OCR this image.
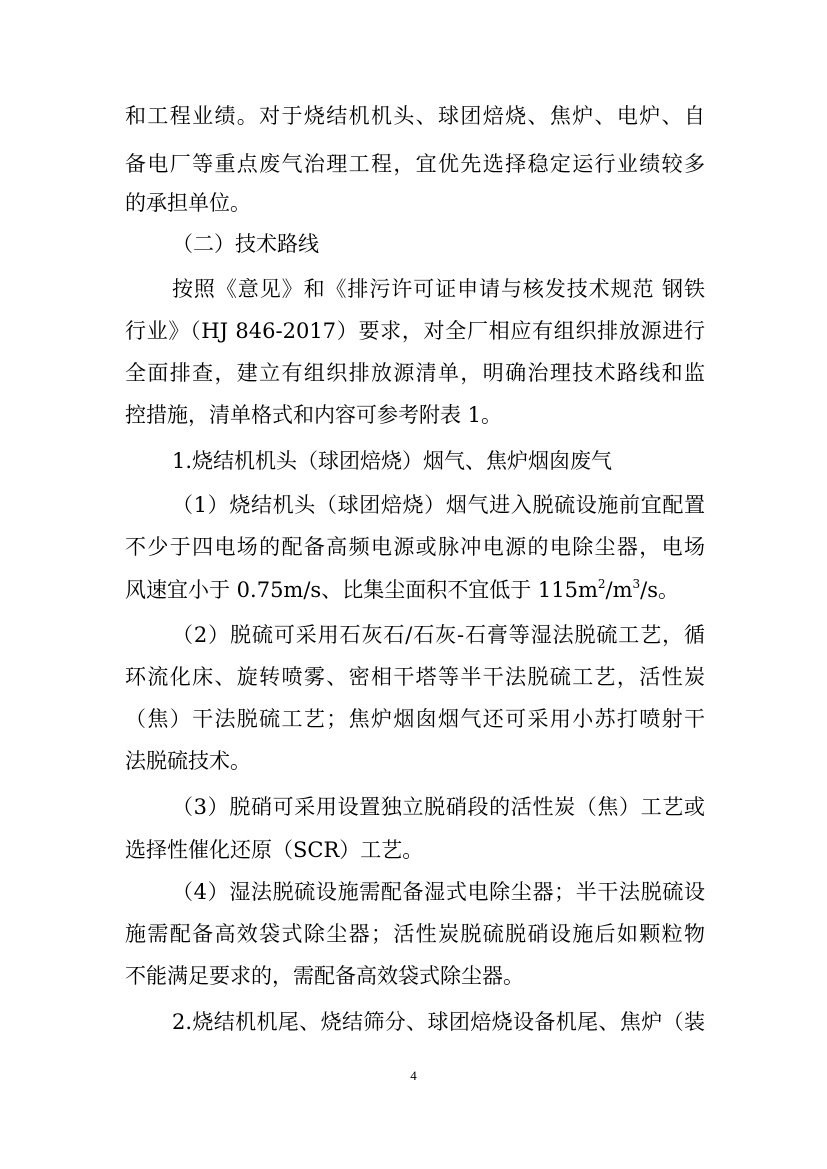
和工程业绩。对于烧结机机头、球团焙烧、焦炉、电炉、自
备电厂等重点废气治理工程，宜优先选择稳定运行业绩较多
的承担单位。
（二）技术路线
按照《意见》和《排污许可证申请与核发技术规范 钢铁
行业》（HJ 846-2017）要求，对全厂相应有组织排放源进行
全面排查，建立有组织排放源清单，明确治理技术路线和监
控措施，清单格式和内容可参考附表 1。
1.烧结机机头（球团焙烧）烟气、焦炉烟囱废气
（1）烧结机头（球团焙烧）烟气进入脱硫设施前宜配置
不少于四电场的配备高频电源或脉冲电源的电除尘器，电场
风速宜小于 0.75m/s、比集尘面积不宜低于 $115m^2/m^3/s$。
（2）脱硫可采用石灰石/石灰-石膏等湿法脱硫工艺，循
环流化床、旋转喷雾、密相干塔等半干法脱硫工艺，活性炭
（焦）干法脱硫工艺；焦炉烟囱烟气还可采用小苏打喷射干
法脱硫技术。
（3）脱硝可采用设置独立脱硝段的活性炭（焦）工艺或
选择性催化还原（SCR）工艺。
（4）湿法脱硫设施需配备湿式电除尘器；半干法脱硫设
施需配备高效袋式除尘器；活性炭脱硫脱硝设施后如颗粒物
不能满足要求的，需配备高效袋式除尘器。
2.烧结机机尾、烧结筛分、球团焙烧设备机尾、焦炉（装
4
